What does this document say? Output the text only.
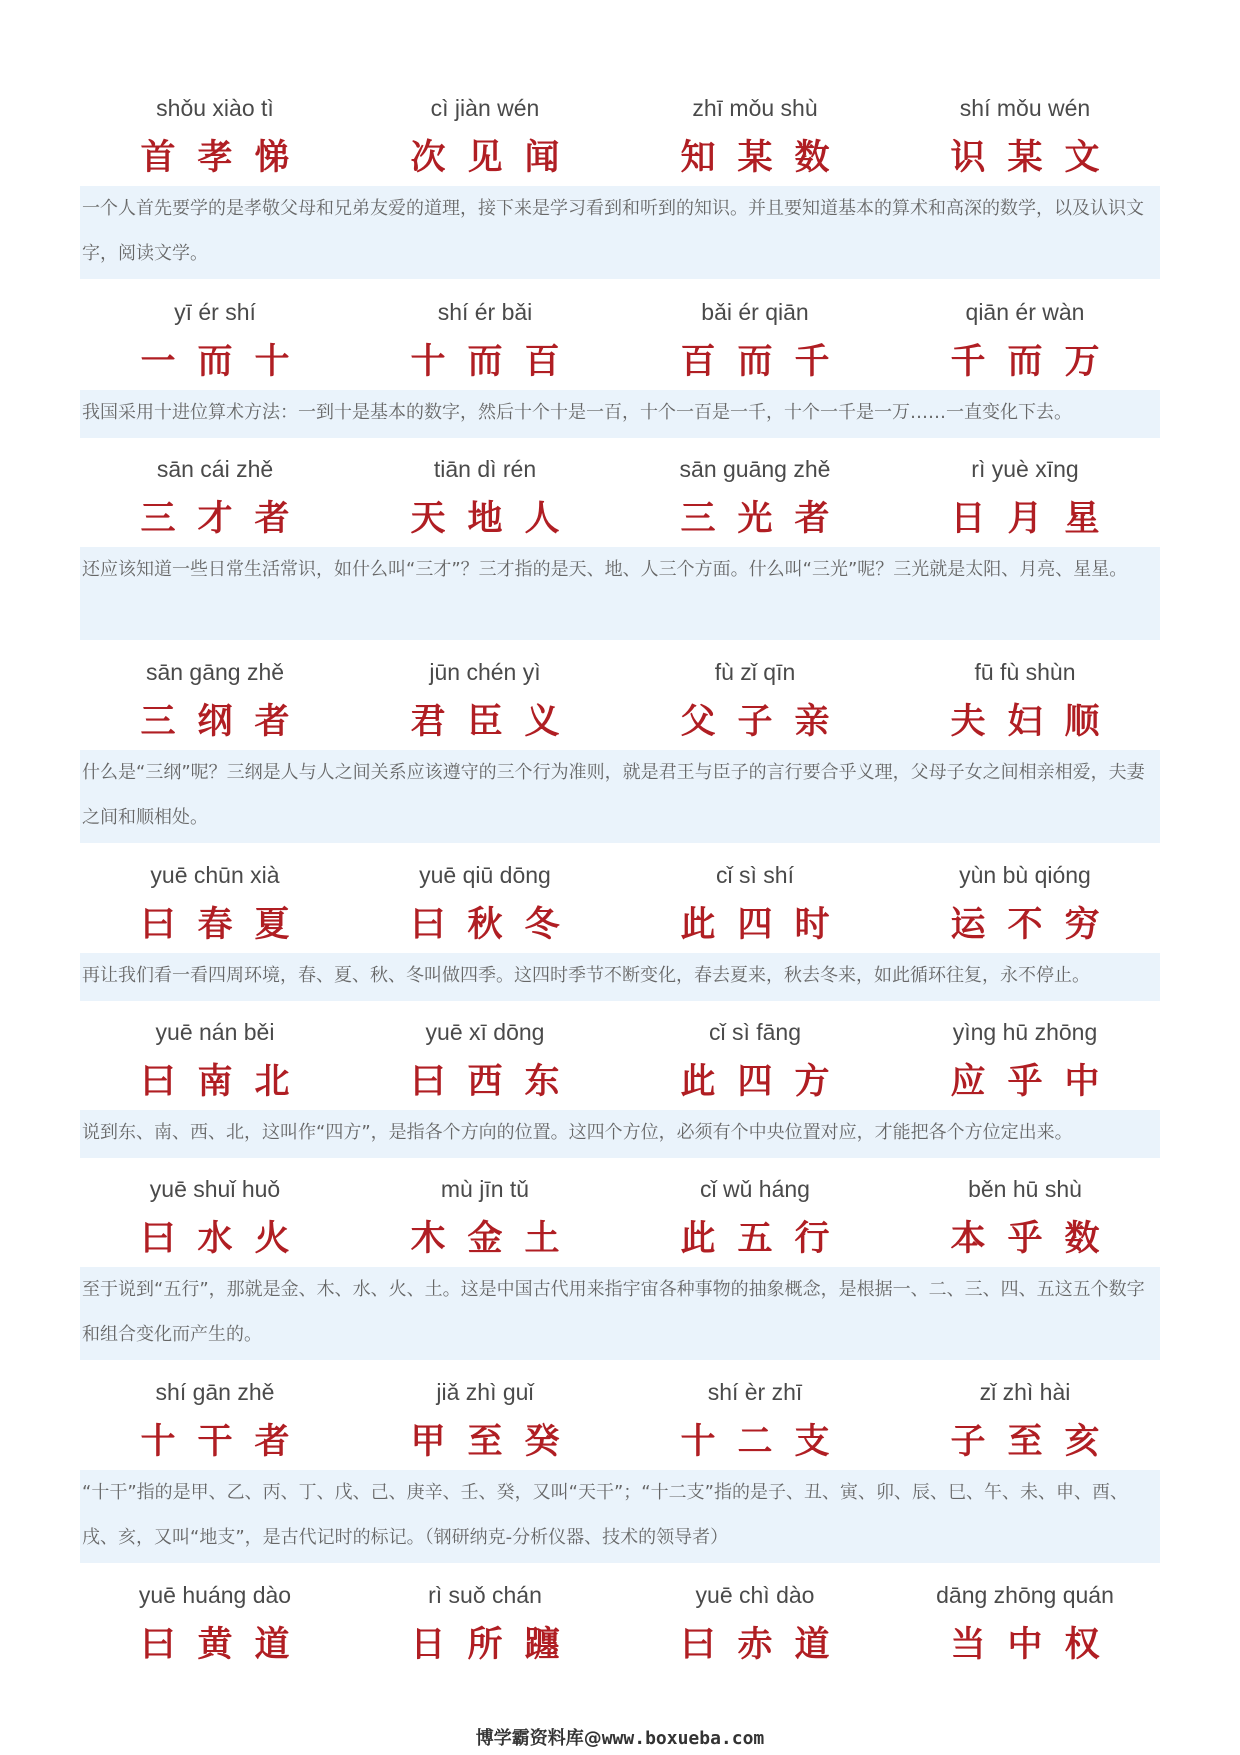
shǒu xiào tì
首孝悌
cì jiàn wén
次见闻
zhī mǒu shù
知某数
shí mǒu wén
识某文
一个人首先要学的是孝敬父母和兄弟友爱的道理，接下来是学习看到和听到的知识。并且要知道基本的算术和高深的数学，以及认识文字，阅读文学。
yī ér shí
一而十
shí ér bǎi
十而百
bǎi ér qiān
百而千
qiān ér wàn
千而万
我国采用十进位算术方法：一到十是基本的数字，然后十个十是一百，十个一百是一千，十个一千是一万……一直变化下去。
sān cái zhě
三才者
tiān dì rén
天地人
sān guāng zhě
三光者
rì yuè xīng
日月星
还应该知道一些日常生活常识，如什么叫“三才”？三才指的是天、地、人三个方面。什么叫“三光”呢？三光就是太阳、月亮、星星。
sān gāng zhě
三纲者
jūn chén yì
君臣义
fù zǐ qīn
父子亲
fū fù shùn
夫妇顺
什么是“三纲”呢？三纲是人与人之间关系应该遵守的三个行为准则，就是君王与臣子的言行要合乎义理，父母子女之间相亲相爱，夫妻之间和顺相处。
yuē chūn xià
曰春夏
yuē qiū dōng
曰秋冬
cǐ sì shí
此四时
yùn bù qióng
运不穷
再让我们看一看四周环境，春、夏、秋、冬叫做四季。这四时季节不断变化，春去夏来，秋去冬来，如此循环往复，永不停止。
yuē nán běi
曰南北
yuē xī dōng
曰西东
cǐ sì fāng
此四方
yìng hū zhōng
应乎中
说到东、南、西、北，这叫作“四方”，是指各个方向的位置。这四个方位，必须有个中央位置对应，才能把各个方位定出来。
yuē shuǐ huǒ
曰水火
mù jīn tǔ
木金土
cǐ wǔ háng
此五行
běn hū shù
本乎数
至于说到“五行”，那就是金、木、水、火、土。这是中国古代用来指宇宙各种事物的抽象概念，是根据一、二、三、四、五这五个数字和组合变化而产生的。
shí gān zhě
十干者
jiǎ zhì guǐ
甲至癸
shí èr zhī
十二支
zǐ zhì hài
子至亥
“十干”指的是甲、乙、丙、丁、戊、己、庚辛、壬、癸，又叫“天干”；“十二支”指的是子、丑、寅、卯、辰、巳、午、未、申、酉、戌、亥，又叫“地支”，是古代记时的标记。（钢研纳克-分析仪器、技术的领导者）
yuē huáng dào
曰黄道
rì suǒ chán
日所躔
yuē chì dào
曰赤道
dāng zhōng quán
当中权
博学霸资料库@www.boxueba.com
